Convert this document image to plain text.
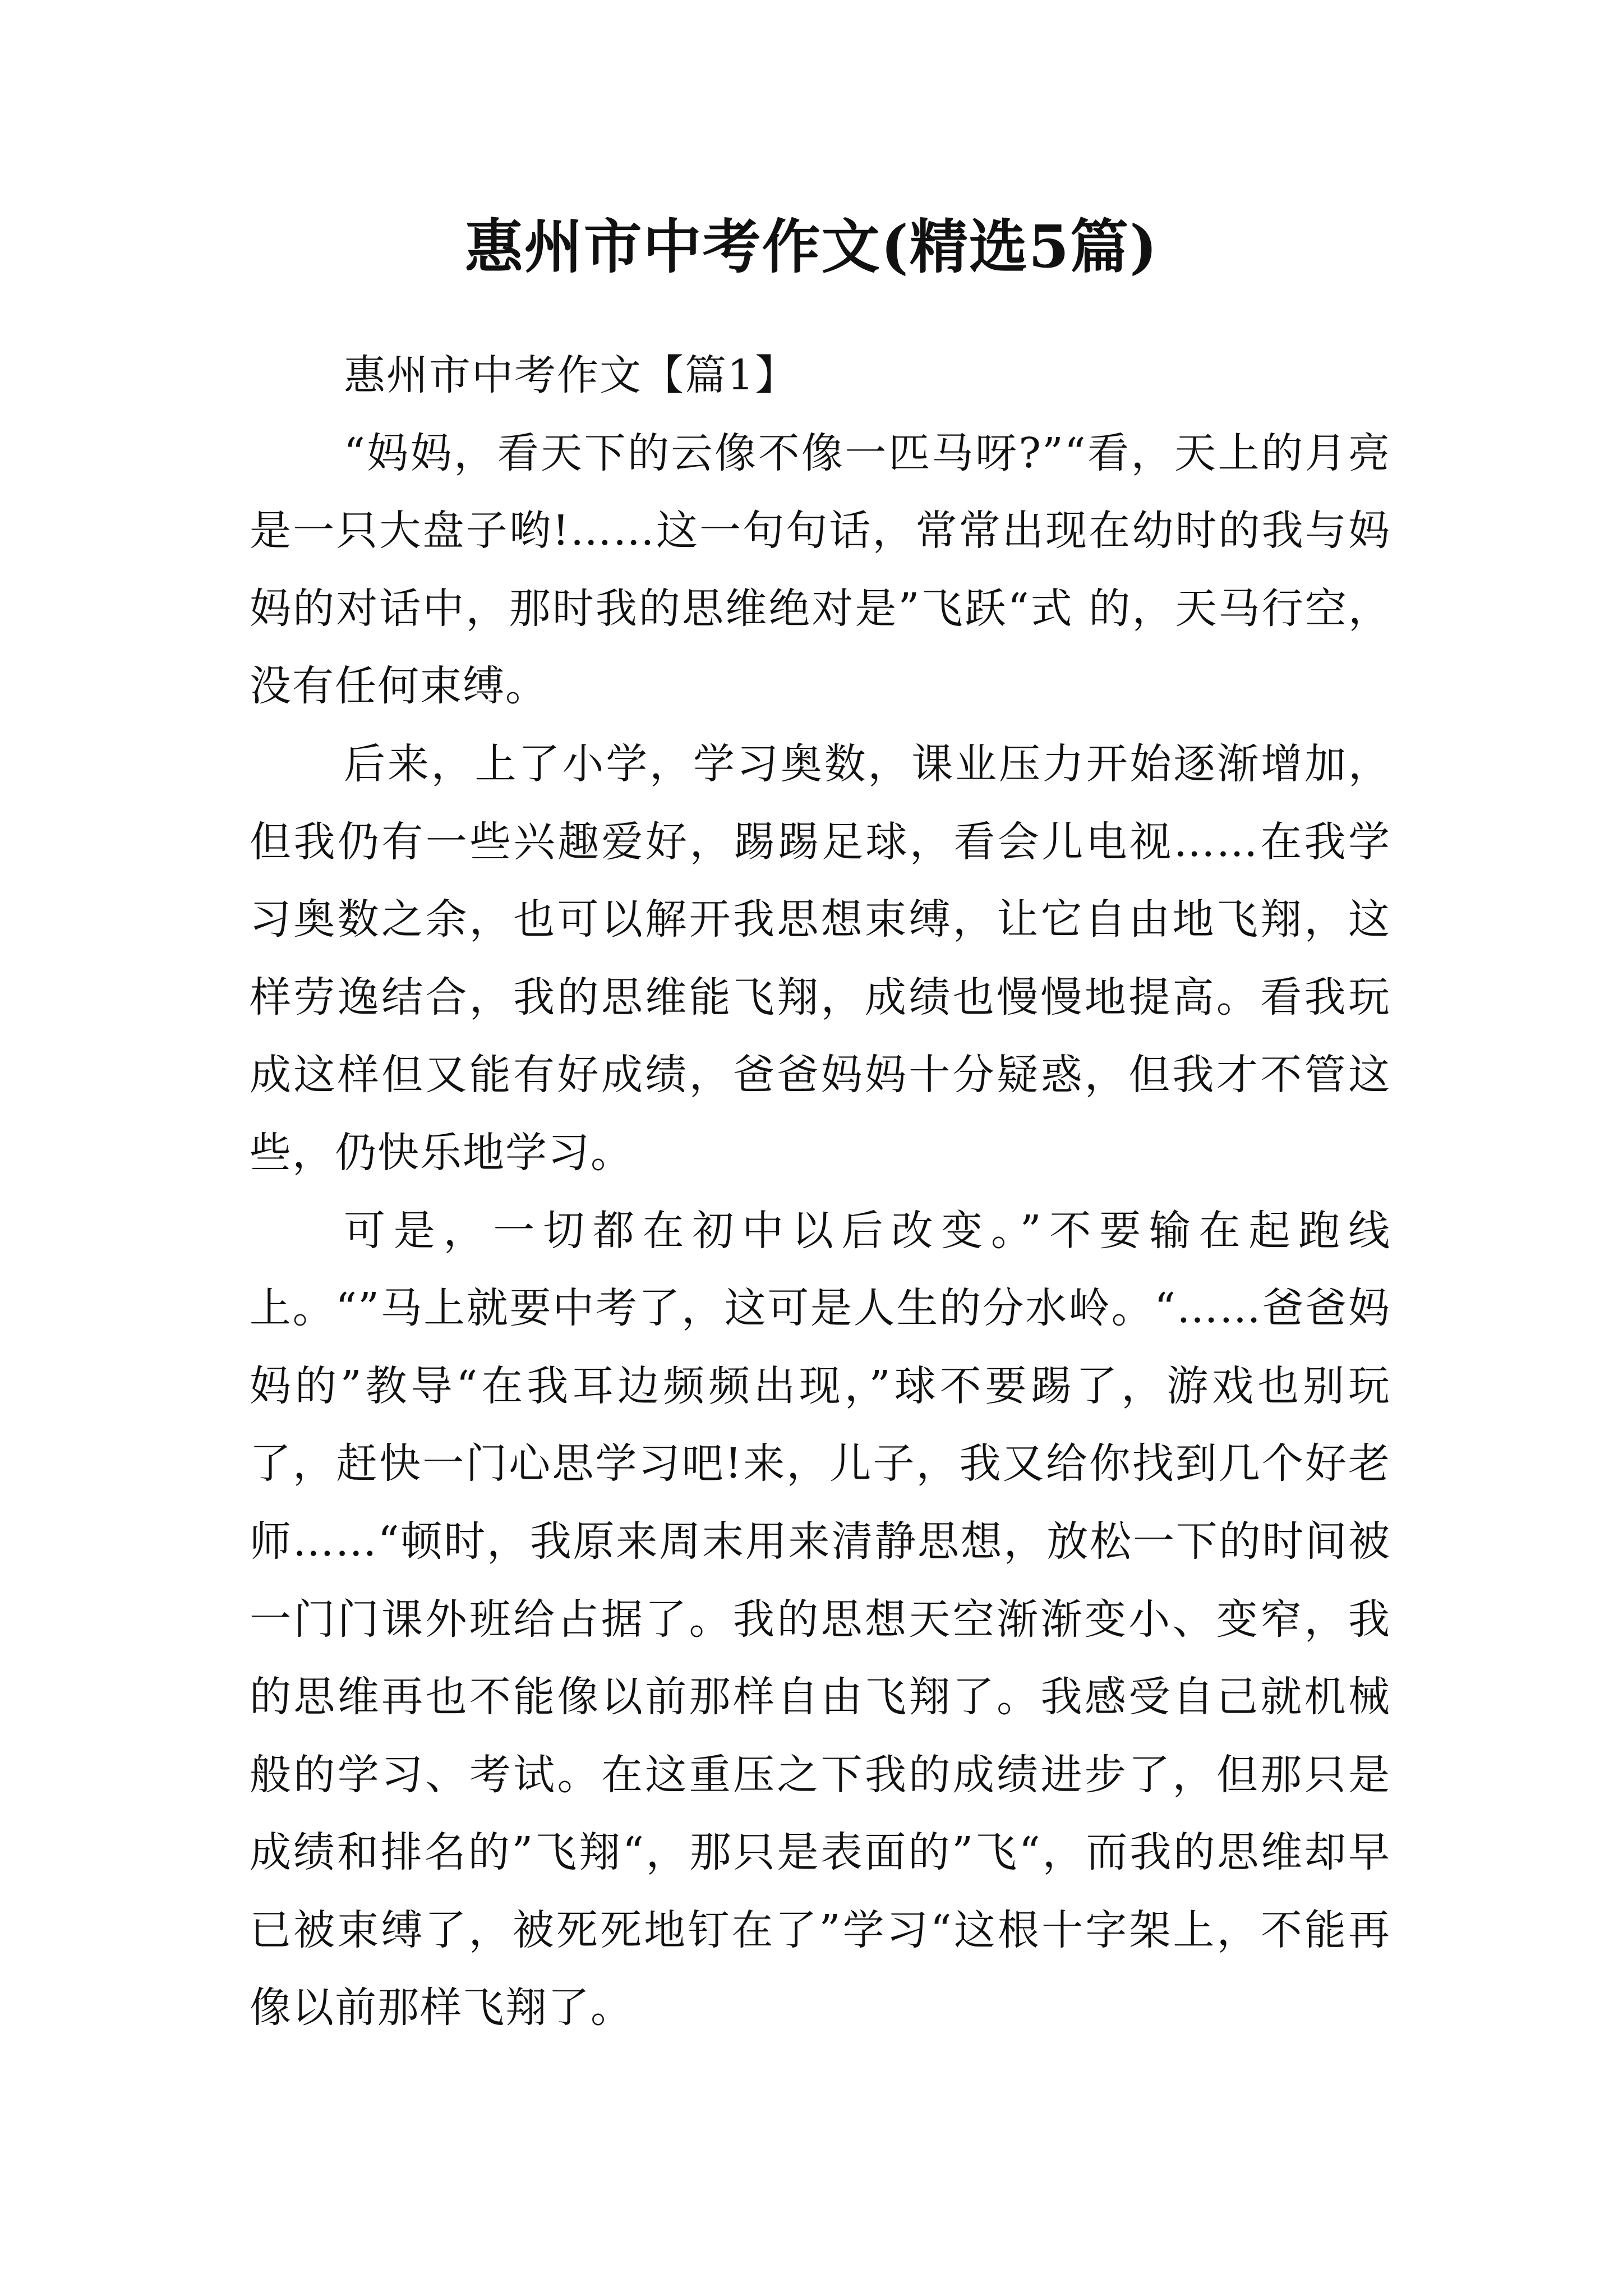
惠州市中考作文(精选5篇)

惠州市中考作文【篇1】

“妈妈，看天下的云像不像一匹马呀?”“看，天上的月亮是一只大盘子哟!……这一句句话，常常出现在幼时的我与妈妈的对话中，那时我的思维绝对是”飞跃“式 的，天马行空，没有任何束缚。

后来，上了小学，学习奥数，课业压力开始逐渐增加，但我仍有一些兴趣爱好，踢踢足球，看会儿电视……在我学习奥数之余，也可以解开我思想束缚，让它自由地飞翔，这样劳逸结合，我的思维能飞翔，成绩也慢慢地提高。看我玩成这样但又能有好成绩，爸爸妈妈十分疑惑，但我才不管这些，仍快乐地学习。

可是，一切都在初中以后改变。”不要输在起跑线上。“”马上就要中考了，这可是人生的分水岭。“……爸爸妈妈的”教导“在我耳边频频出现，”球不要踢了，游戏也别玩了，赶快一门心思学习吧!来，儿子，我又给你找到几个好老师……“顿时，我原来周末用来清静思想，放松一下的时间被一门门课外班给占据了。我的思想天空渐渐变小、变窄，我的思维再也不能像以前那样自由飞翔了。我感受自己就机械般的学习、考试。在这重压之下我的成绩进步了，但那只是成绩和排名的”飞翔“，那只是表面的”飞“，而我的思维却早已被束缚了，被死死地钉在了”学习“这根十字架上，不能再像以前那样飞翔了。
